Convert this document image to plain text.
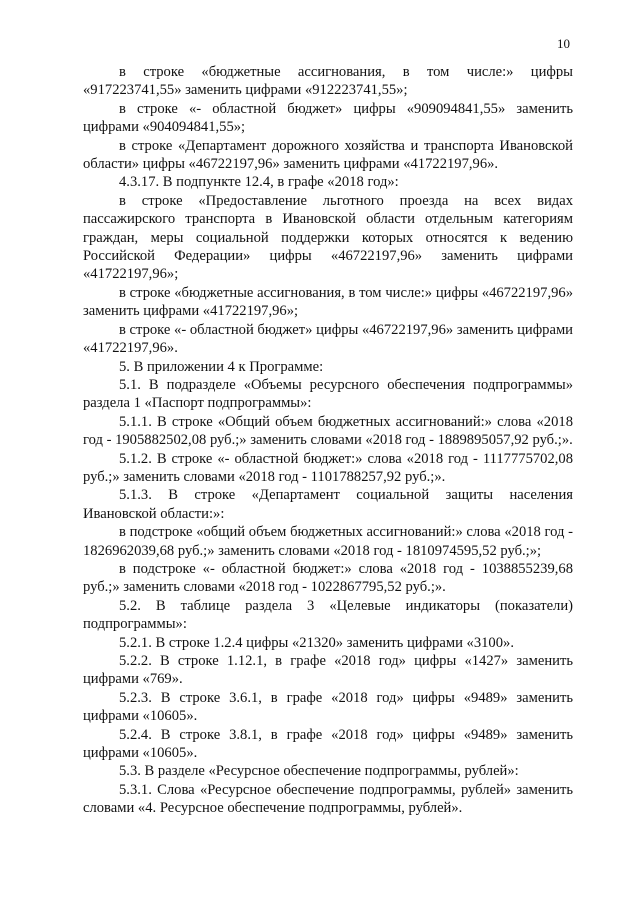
10

в строке «бюджетные ассигнования, в том числе:» цифры «917223741,55» заменить цифрами «912223741,55»;

в строке «- областной бюджет» цифры «909094841,55» заменить цифрами «904094841,55»;

в строке «Департамент дорожного хозяйства и транспорта Ивановской области» цифры «46722197,96» заменить цифрами «41722197,96».

4.3.17. В подпункте 12.4, в графе «2018 год»:

в строке «Предоставление льготного проезда на всех видах пассажирского транспорта в Ивановской области отдельным категориям граждан, меры социальной поддержки которых относятся к ведению Российской Федерации» цифры «46722197,96» заменить цифрами «41722197,96»;

в строке «бюджетные ассигнования, в том числе:» цифры «46722197,96» заменить цифрами «41722197,96»;

в строке «- областной бюджет» цифры «46722197,96» заменить цифрами «41722197,96».

5. В приложении 4 к Программе:

5.1. В подразделе «Объемы ресурсного обеспечения подпрограммы» раздела 1 «Паспорт подпрограммы»:

5.1.1. В строке «Общий объем бюджетных ассигнований:» слова «2018 год - 1905882502,08 руб.;» заменить словами «2018 год - 1889895057,92 руб.;».

5.1.2. В строке «- областной бюджет:» слова «2018 год - 1117775702,08 руб.;» заменить словами «2018 год - 1101788257,92 руб.;».

5.1.3. В строке «Департамент социальной защиты населения Ивановской области:»:

в подстроке «общий объем бюджетных ассигнований:» слова «2018 год - 1826962039,68 руб.;» заменить словами «2018 год - 1810974595,52 руб.;»;

в подстроке «- областной бюджет:» слова «2018 год - 1038855239,68 руб.;» заменить словами «2018 год - 1022867795,52 руб.;».

5.2. В таблице раздела 3 «Целевые индикаторы (показатели) подпрограммы»:

5.2.1. В строке 1.2.4 цифры «21320» заменить цифрами «3100».

5.2.2. В строке 1.12.1, в графе «2018 год» цифры «1427» заменить цифрами «769».

5.2.3. В строке 3.6.1, в графе «2018 год» цифры «9489» заменить цифрами «10605».

5.2.4. В строке 3.8.1, в графе «2018 год» цифры «9489» заменить цифрами «10605».

5.3. В разделе «Ресурсное обеспечение подпрограммы, рублей»:

5.3.1. Слова «Ресурсное обеспечение подпрограммы, рублей» заменить словами «4. Ресурсное обеспечение подпрограммы, рублей».
